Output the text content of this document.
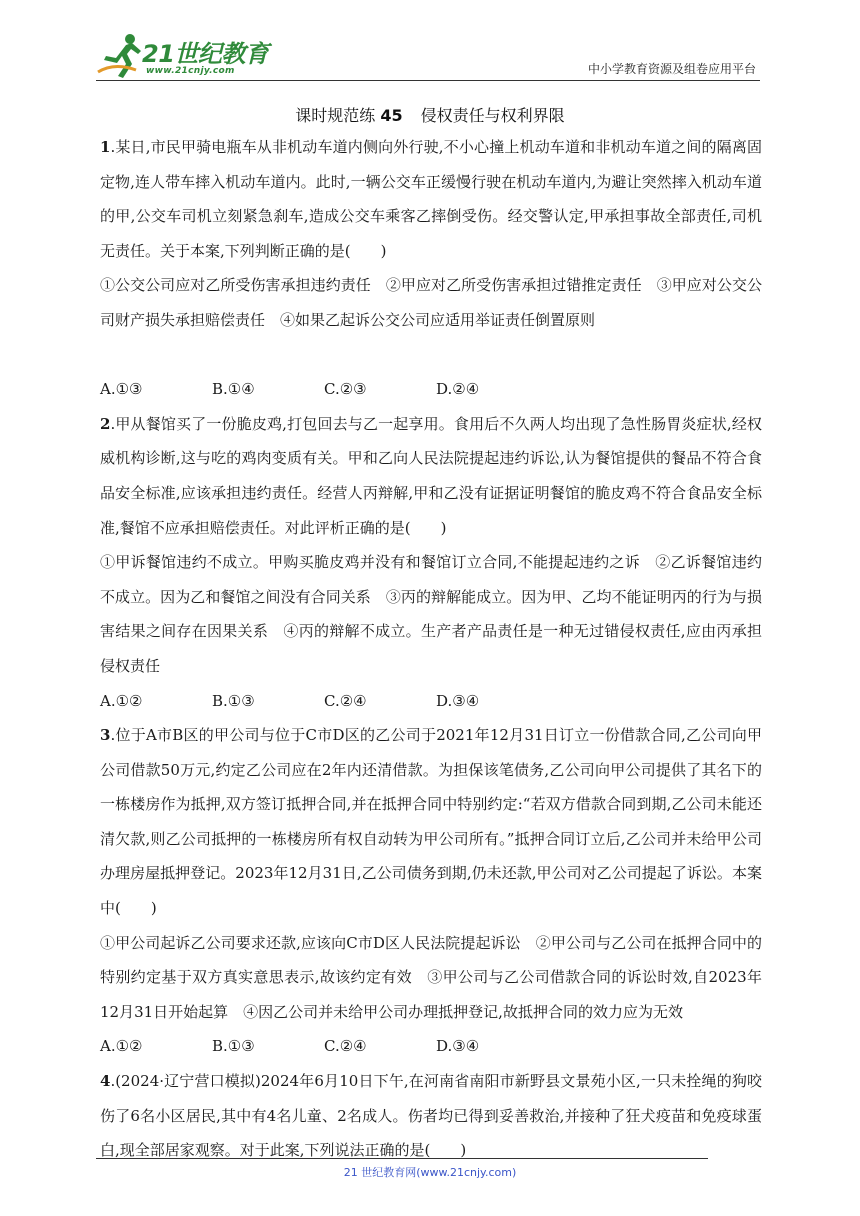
21世纪教育
www.21cnjy.com	中小学教育资源及组卷应用平台
课时规范练 45 侵权责任与权利界限

1.某日,市民甲骑电瓶车从非机动车道内侧向外行驶,不小心撞上机动车道和非机动车道之间的隔离固定物,连人带车摔入机动车道内。此时,一辆公交车正缓慢行驶在机动车道内,为避让突然摔入机动车道的甲,公交车司机立刻紧急刹车,造成公交车乘客乙摔倒受伤。经交警认定,甲承担事故全部责任,司机无责任。关于本案,下列判断正确的是(　　)

①公交公司应对乙所受伤害承担违约责任　②甲应对乙所受伤害承担过错推定责任　③甲应对公交公司财产损失承担赔偿责任　④如果乙起诉公交公司应适用举证责任倒置原则

A.①③	B.①④	C.②③	D.②④

2.甲从餐馆买了一份脆皮鸡,打包回去与乙一起享用。食用后不久两人均出现了急性肠胃炎症状,经权威机构诊断,这与吃的鸡肉变质有关。甲和乙向人民法院提起违约诉讼,认为餐馆提供的餐品不符合食品安全标准,应该承担违约责任。经营人丙辩解,甲和乙没有证据证明餐馆的脆皮鸡不符合食品安全标准,餐馆不应承担赔偿责任。对此评析正确的是(　　)

①甲诉餐馆违约不成立。甲购买脆皮鸡并没有和餐馆订立合同,不能提起违约之诉　②乙诉餐馆违约不成立。因为乙和餐馆之间没有合同关系　③丙的辩解能成立。因为甲、乙均不能证明丙的行为与损害结果之间存在因果关系　④丙的辩解不成立。生产者产品责任是一种无过错侵权责任,应由丙承担侵权责任

A.①②	B.①③	C.②④	D.③④

3.位于A市B区的甲公司与位于C市D区的乙公司于2021年12月31日订立一份借款合同,乙公司向甲公司借款50万元,约定乙公司应在2年内还清借款。为担保该笔债务,乙公司向甲公司提供了其名下的一栋楼房作为抵押,双方签订抵押合同,并在抵押合同中特别约定:“若双方借款合同到期,乙公司未能还清欠款,则乙公司抵押的一栋楼房所有权自动转为甲公司所有。”抵押合同订立后,乙公司并未给甲公司办理房屋抵押登记。2023年12月31日,乙公司债务到期,仍未还款,甲公司对乙公司提起了诉讼。本案中(　　)

①甲公司起诉乙公司要求还款,应该向C市D区人民法院提起诉讼　②甲公司与乙公司在抵押合同中的特别约定基于双方真实意思表示,故该约定有效　③甲公司与乙公司借款合同的诉讼时效,自2023年12月31日开始起算　④因乙公司并未给甲公司办理抵押登记,故抵押合同的效力应为无效

A.①②	B.①③	C.②④	D.③④

4.(2024·辽宁营口模拟)2024年6月10日下午,在河南省南阳市新野县文景苑小区,一只未拴绳的狗咬伤了6名小区居民,其中有4名儿童、2名成人。伤者均已得到妥善救治,并接种了狂犬疫苗和免疫球蛋白,现全部居家观察。对于此案,下列说法正确的是(　　)

21 世纪教育网(www.21cnjy.com)
